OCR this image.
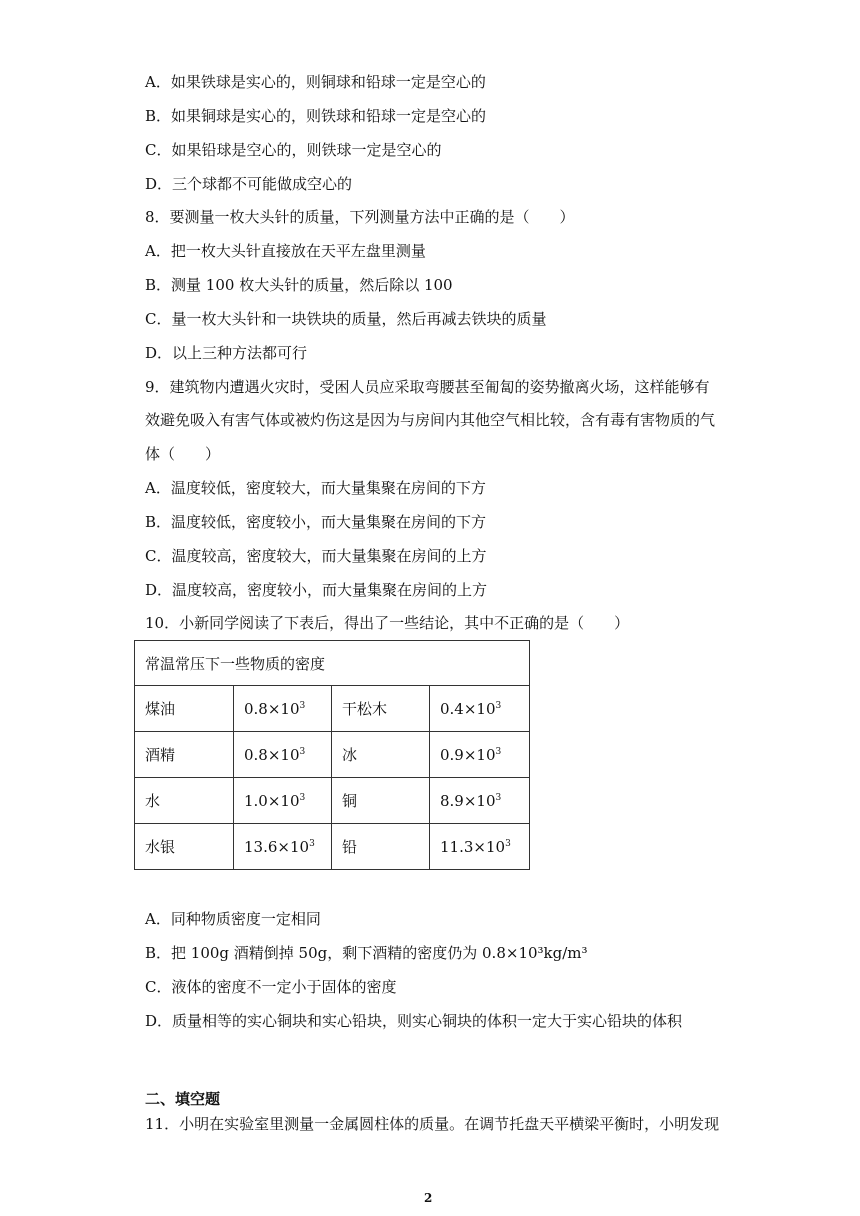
A．如果铁球是实心的，则铜球和铅球一定是空心的
B．如果铜球是实心的，则铁球和铅球一定是空心的
C．如果铅球是空心的，则铁球一定是空心的
D．三个球都不可能做成空心的
8．要测量一枚大头针的质量，下列测量方法中正确的是（　　）
A．把一枚大头针直接放在天平左盘里测量
B．测量 100 枚大头针的质量，然后除以 100
C．量一枚大头针和一块铁块的质量，然后再减去铁块的质量
D．以上三种方法都可行
9．建筑物内遭遇火灾时，受困人员应采取弯腰甚至匍匐的姿势撤离火场，这样能够有
效避免吸入有害气体或被灼伤这是因为与房间内其他空气相比较，含有毒有害物质的气
体（　　）
A．温度较低，密度较大，而大量集聚在房间的下方
B．温度较低，密度较小，而大量集聚在房间的下方
C．温度较高，密度较大，而大量集聚在房间的上方
D．温度较高，密度较小，而大量集聚在房间的上方
10．小新同学阅读了下表后，得出了一些结论，其中不正确的是（　　）
常温常压下一些物质的密度			
煤油	$0.8\times 10^3$	干松木	$0.4\times 10^3$
酒精	$0.8\times 10^3$	冰	$0.9\times 10^3$
水	$1.0\times 10^3$	铜	$8.9\times 10^3$
水银	$13.6\times 10^3$	铅	$11.3\times 10^3$
A．同种物质密度一定相同
B．把 100g 酒精倒掉 50g，剩下酒精的密度仍为 0.8×10³kg/m³
C．液体的密度不一定小于固体的密度
D．质量相等的实心铜块和实心铅块，则实心铜块的体积一定大于实心铅块的体积
二、填空题
11．小明在实验室里测量一金属圆柱体的质量。在调节托盘天平横梁平衡时，小明发现
2
